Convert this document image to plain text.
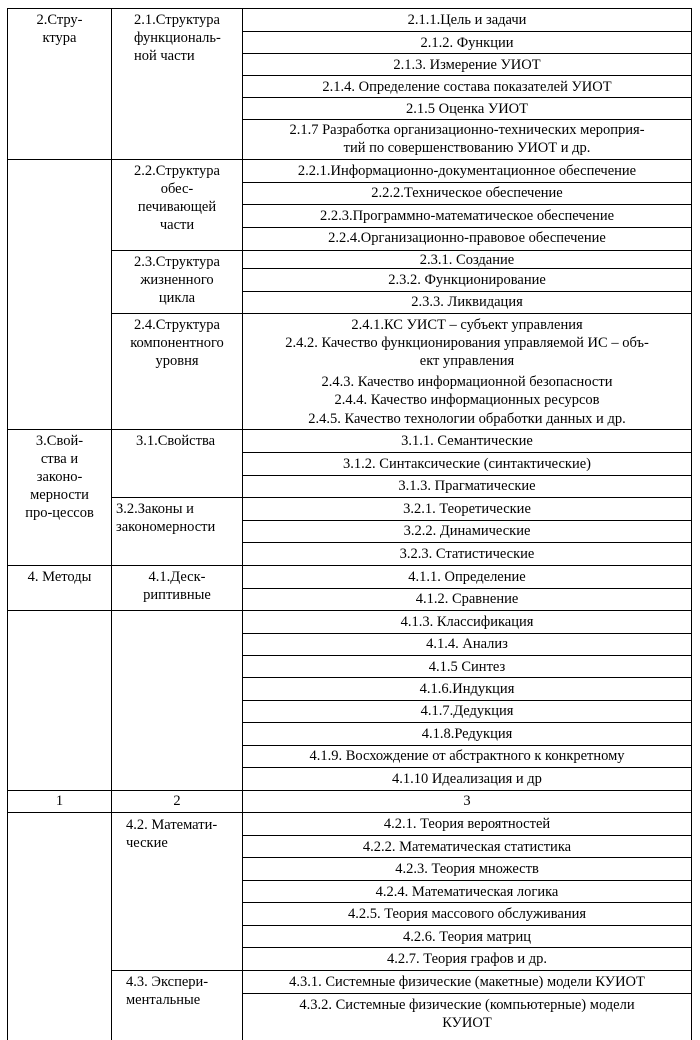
2.Стру-
ктура
3.Свой-
ства и
законо-
мерности
про-цессов
4. Методы
2.1.Структура
функциональ-
ной части
2.2.Структура
обес-
печивающей
части
2.3.Структура
жизненного
цикла
2.4.Структура
компонентного
уровня
3.1.Свойства
3.2.Законы и
закономерности
4.1.Деск-
риптивные
4.2. Математи-
ческие
4.3. Экспери-
ментальные
1	2	3
2.1.1.Цель и задачи
2.1.2. Функции
2.1.3. Измерение УИОТ
2.1.4. Определение состава показателей УИОТ
2.1.5 Оценка УИОТ
2.1.7 Разработка организационно-технических мероприя-
тий по совершенствованию УИОТ и др.
2.2.1.Информационно-документационное обеспечение
2.2.2.Техническое обеспечение
2.2.3.Программно-математическое обеспечение
2.2.4.Организационно-правовое обеспечение
2.3.1. Создание
2.3.2. Функционирование
2.3.3. Ликвидация
2.4.1.КС УИСТ – субъект управления
2.4.2. Качество функционирования управляемой ИС – объ-
ект управления
2.4.3. Качество информационной безопасности
2.4.4. Качество информационных ресурсов
2.4.5. Качество технологии обработки данных и др.
3.1.1. Семантические
3.1.2. Синтаксические (синтактические)
3.1.3. Прагматические
3.2.1. Теоретические
3.2.2. Динамические
3.2.3. Статистические
4.1.1. Определение
4.1.2. Сравнение
4.1.3. Классификация
4.1.4. Анализ
4.1.5 Синтез
4.1.6.Индукция
4.1.7.Дедукция
4.1.8.Редукция
4.1.9. Восхождение от абстрактного к конкретному
4.1.10 Идеализация и др
4.2.1. Теория вероятностей
4.2.2. Математическая статистика
4.2.3. Теория множеств
4.2.4. Математическая логика
4.2.5. Теория массового обслуживания
4.2.6. Теория матриц
4.2.7. Теория графов и др.
4.3.1. Системные физические (макетные) модели КУИОТ
4.3.2. Системные физические (компьютерные) модели
КУИОТ
